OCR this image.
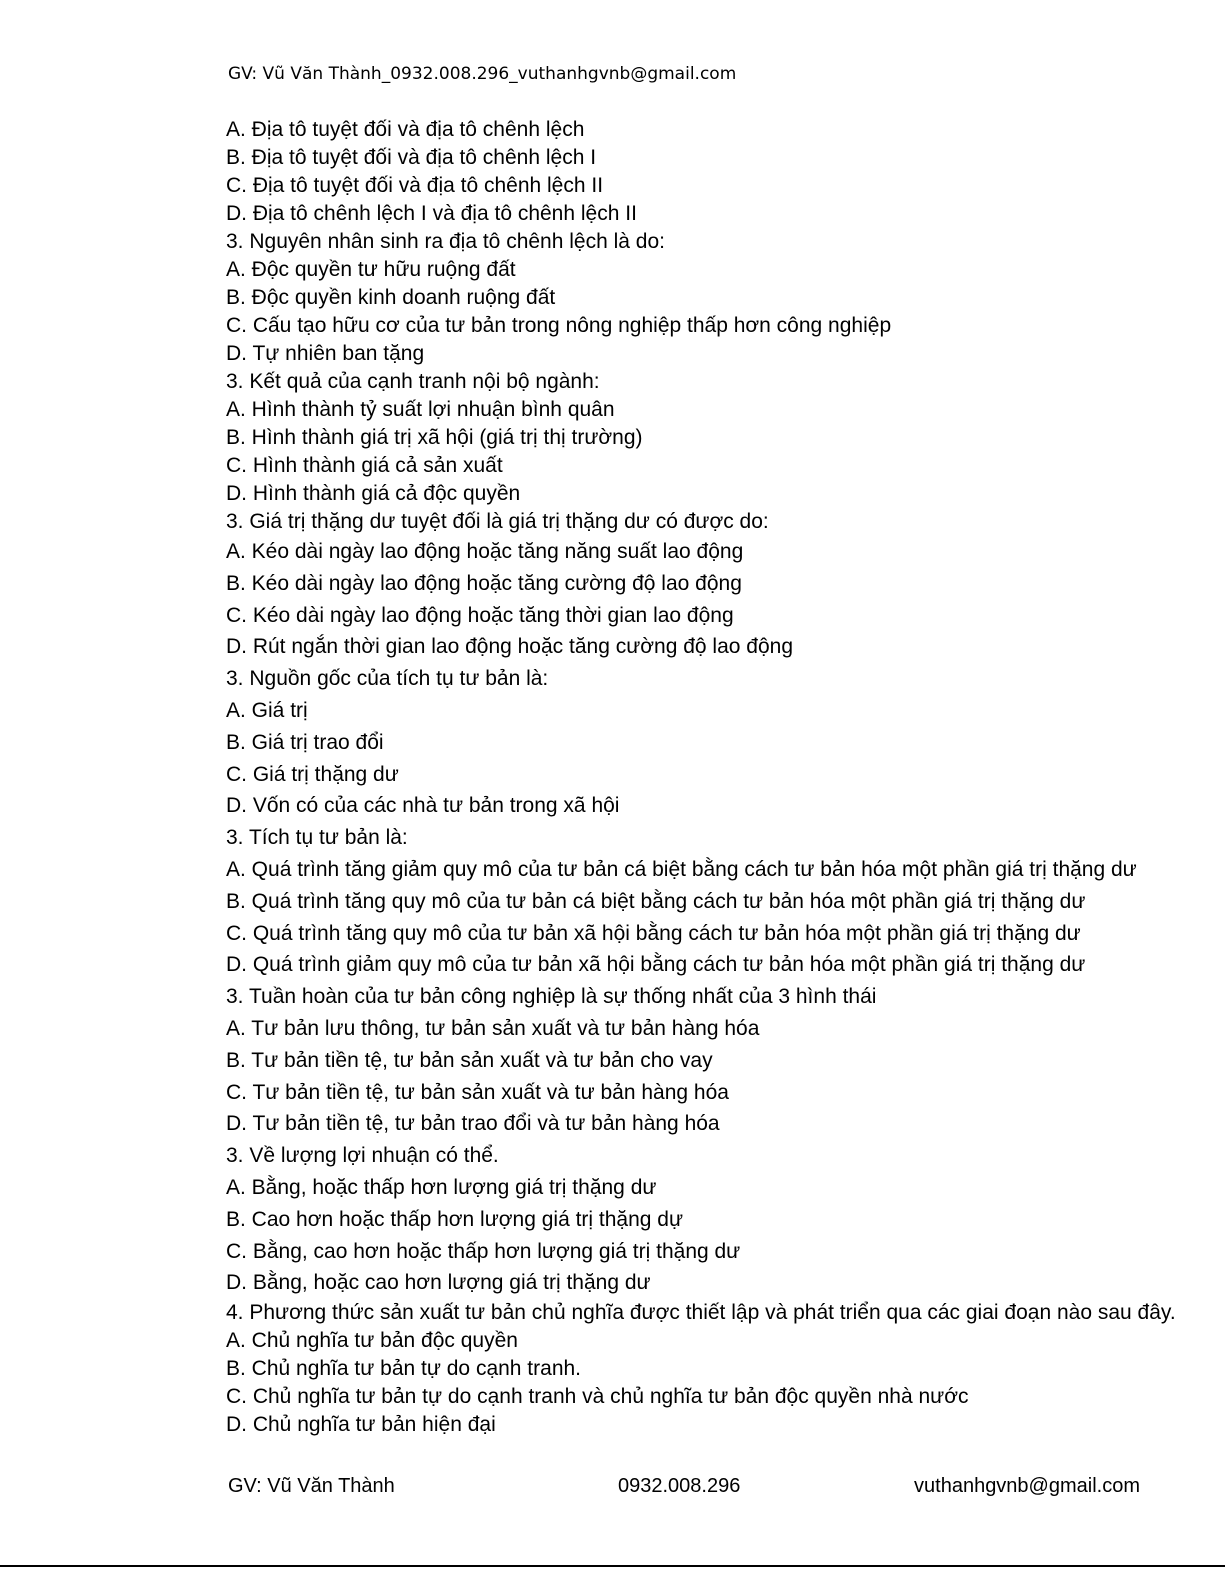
GV: Vũ Văn Thành_0932.008.296_vuthanhgvnb@gmail.com

A. Địa tô tuyệt đối và địa tô chênh lệch

B. Địa tô tuyệt đối và địa tô chênh lệch I

C. Địa tô tuyệt đối và địa tô chênh lệch II

D. Địa tô chênh lệch I và địa tô chênh lệch II

3. Nguyên nhân sinh ra địa tô chênh lệch là do:

A. Độc quyền tư hữu ruộng đất

B. Độc quyền kinh doanh ruộng đất

C. Cấu tạo hữu cơ của tư bản trong nông nghiệp thấp hơn công nghiệp

D. Tự nhiên ban tặng

3. Kết quả của cạnh tranh nội bộ ngành:

A. Hình thành tỷ suất lợi nhuận bình quân

B. Hình thành giá trị xã hội (giá trị thị trường)

C. Hình thành giá cả sản xuất

D. Hình thành giá cả độc quyền

3. Giá trị thặng dư tuyệt đối là giá trị thặng dư có được do:

A. Kéo dài ngày lao động hoặc tăng năng suất lao động

B. Kéo dài ngày lao động hoặc tăng cường độ lao động

C. Kéo dài ngày lao động hoặc tăng thời gian lao động

D. Rút ngắn thời gian lao động hoặc tăng cường độ lao động

3. Nguồn gốc của tích tụ tư bản là:

A. Giá trị

B. Giá trị trao đổi

C. Giá trị thặng dư

D. Vốn có của các nhà tư bản trong xã hội

3. Tích tụ tư bản là:

A. Quá trình tăng giảm quy mô của tư bản cá biệt bằng cách tư bản hóa một phần giá trị thặng dư

B. Quá trình tăng quy mô của tư bản cá biệt bằng cách tư bản hóa một phần giá trị thặng dư

C. Quá trình tăng quy mô của tư bản xã hội bằng cách tư bản hóa một phần giá trị thặng dư

D. Quá trình giảm quy mô của tư bản xã hội bằng cách tư bản hóa một phần giá trị thặng dư

3. Tuần hoàn của tư bản công nghiệp là sự thống nhất của 3 hình thái

A. Tư bản lưu thông, tư bản sản xuất và tư bản hàng hóa

B. Tư bản tiền tệ, tư bản sản xuất và tư bản cho vay

C. Tư bản tiền tệ, tư bản sản xuất và tư bản hàng hóa

D. Tư bản tiền tệ, tư bản trao đổi và tư bản hàng hóa

3. Về lượng lợi nhuận có thể.

A. Bằng, hoặc thấp hơn lượng giá trị thặng dư

B. Cao hơn hoặc thấp hơn lượng giá trị thặng dự

C. Bằng, cao hơn hoặc thấp hơn lượng giá trị thặng dư

D. Bằng, hoặc cao hơn lượng giá trị thặng dư

4. Phương thức sản xuất tư bản chủ nghĩa được thiết lập và phát triển qua các giai đoạn nào sau đây.

A. Chủ nghĩa tư bản độc quyền

B. Chủ nghĩa tư bản tự do cạnh tranh.

C. Chủ nghĩa tư bản tự do cạnh tranh và chủ nghĩa tư bản độc quyền nhà nước

D. Chủ nghĩa tư bản hiện đại

GV: Vũ Văn Thành	0932.008.296	vuthanhgvnb@gmail.com
